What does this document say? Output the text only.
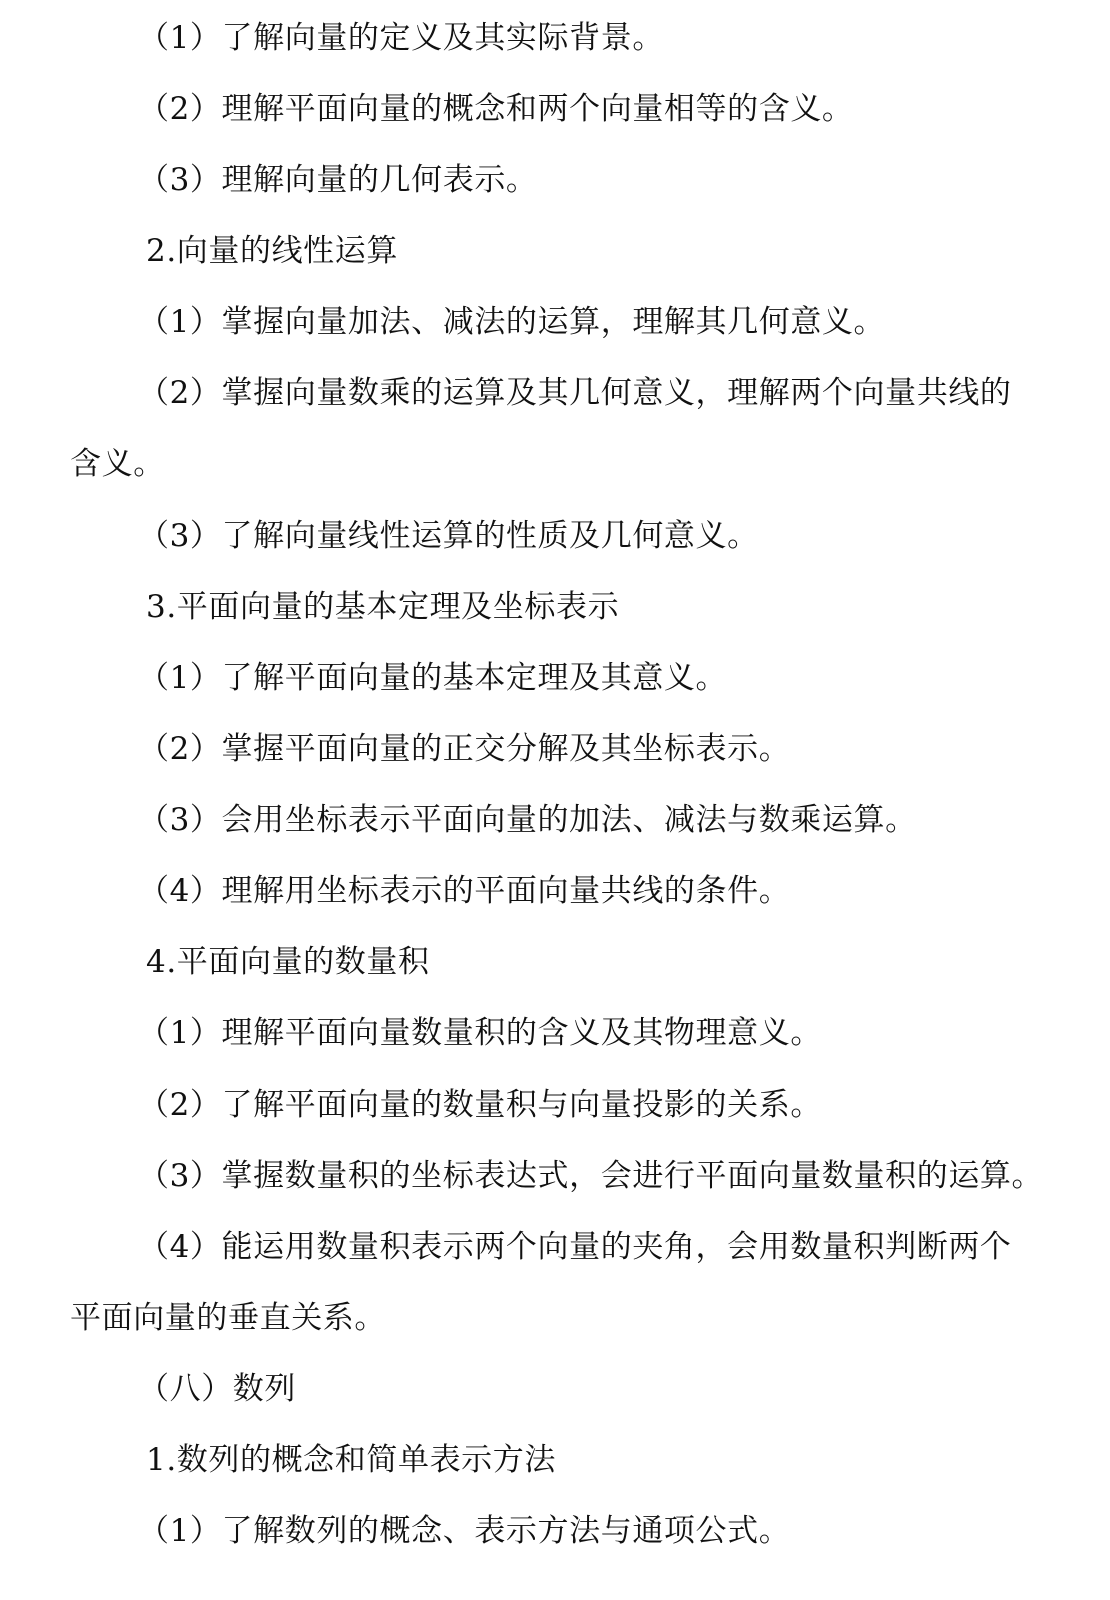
（1）了解向量的定义及其实际背景。
（2）理解平面向量的概念和两个向量相等的含义。
（3）理解向量的几何表示。
2.向量的线性运算
（1）掌握向量加法、减法的运算，理解其几何意义。
（2）掌握向量数乘的运算及其几何意义，理解两个向量共线的
含义。
（3）了解向量线性运算的性质及几何意义。
3.平面向量的基本定理及坐标表示
（1）了解平面向量的基本定理及其意义。
（2）掌握平面向量的正交分解及其坐标表示。
（3）会用坐标表示平面向量的加法、减法与数乘运算。
（4）理解用坐标表示的平面向量共线的条件。
4.平面向量的数量积
（1）理解平面向量数量积的含义及其物理意义。
（2）了解平面向量的数量积与向量投影的关系。
（3）掌握数量积的坐标表达式，会进行平面向量数量积的运算。
（4）能运用数量积表示两个向量的夹角，会用数量积判断两个
平面向量的垂直关系。
（八）数列
1.数列的概念和简单表示方法
（1）了解数列的概念、表示方法与通项公式。
